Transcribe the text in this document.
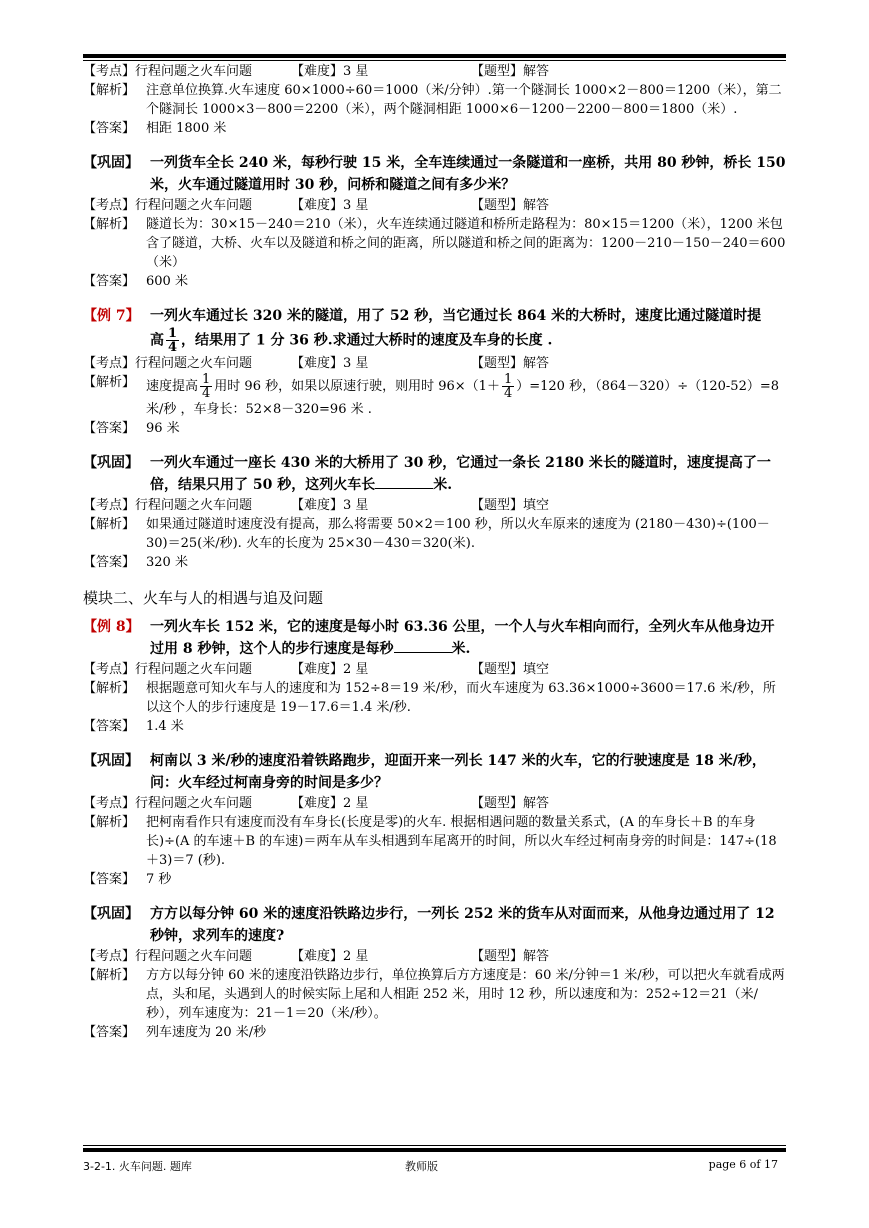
【考点】行程问题之火车问题	【难度】3 星	【题型】解答
【解析】 注意单位换算.火车速度 60×1000÷60＝1000（米/分钟）.第一个隧洞长 1000×2－800＝1200（米），第二个隧洞长 1000×3－800＝2200（米），两个隧洞相距 1000×6－1200－2200－800＝1800（米）.
【答案】 相距 1800 米
【巩固】 一列货车全长 240 米，每秒行驶 15 米，全车连续通过一条隧道和一座桥，共用 80 秒钟，桥长 150 米，火车通过隧道用时 30 秒，问桥和隧道之间有多少米？
【考点】行程问题之火车问题	【难度】3 星	【题型】解答
【解析】 隧道长为：30×15－240＝210（米），火车连续通过隧道和桥所走路程为：80×15＝1200（米），1200 米包含了隧道，大桥、火车以及隧道和桥之间的距离，所以隧道和桥之间的距离为：1200－210－150－240＝600（米）
【答案】 600 米
【例 7】 一列火车通过长 320 米的隧道，用了 52 秒，当它通过长 864 米的大桥时，速度比通过隧道时提
高 $\frac{1}{4}$ ，结果用了 1 分 36 秒.求通过大桥时的速度及车身的长度 .
【考点】行程问题之火车问题	【难度】3 星	【题型】解答
【解析】 速度提高 $\frac{1}{4}$ 用时 96 秒，如果以原速行驶，则用时 $96\times(1+ \frac{1}{4} )=120$ 秒，（864－320）÷（120-52）=8 米/秒 ，车身长：52×8－320=96 米 .
【答案】 96 米
【巩固】 一列火车通过一座长 430 米的大桥用了 30 秒，它通过一条长 2180 米长的隧道时，速度提高了一倍，结果只用了 50 秒，这列火车长	米.
【考点】行程问题之火车问题	【难度】3 星	【题型】填空
【解析】 如果通过隧道时速度没有提高，那么将需要 50×2＝100 秒，所以火车原来的速度为 (2180－430)÷(100－30)＝25(米/秒). 火车的长度为 25×30－430＝320(米).
【答案】 320 米
模块二、火车与人的相遇与追及问题
【例 8】 一列火车长 152 米，它的速度是每小时 63.36 公里，一个人与火车相向而行，全列火车从他身边开过用 8 秒钟，这个人的步行速度是每秒	米.
【考点】行程问题之火车问题	【难度】2 星	【题型】填空
【解析】 根据题意可知火车与人的速度和为 152÷8＝19 米/秒，而火车速度为 63.36×1000÷3600＝17.6 米/秒，所以这个人的步行速度是 19－17.6＝1.4 米/秒.
【答案】 1.4 米
【巩固】 柯南以 3 米/秒的速度沿着铁路跑步，迎面开来一列长 147 米的火车，它的行驶速度是 18 米/秒，问：火车经过柯南身旁的时间是多少？
【考点】行程问题之火车问题	【难度】2 星	【题型】解答
【解析】 把柯南看作只有速度而没有车身长(长度是零)的火车. 根据相遇问题的数量关系式，(A 的车身长＋B 的车身长)÷(A 的车速＋B 的车速)＝两车从车头相遇到车尾离开的时间，所以火车经过柯南身旁的时间是：147÷(18＋3)＝7 (秒).
【答案】 7 秒
【巩固】 方方以每分钟 60 米的速度沿铁路边步行，一列长 252 米的货车从对面而来，从他身边通过用了 12 秒钟，求列车的速度?
【考点】行程问题之火车问题	【难度】2 星	【题型】解答
【解析】 方方以每分钟 60 米的速度沿铁路边步行，单位换算后方方速度是：60 米/分钟＝1 米/秒，可以把火车就看成两点，头和尾，头遇到人的时候实际上尾和人相距 252 米，用时 12 秒，所以速度和为：252÷12＝21（米/秒），列车速度为：21－1＝20（米/秒）。
【答案】 列车速度为 20 米/秒
3-2-1. 火车问题. 题库	教师版	page 6 of 17
